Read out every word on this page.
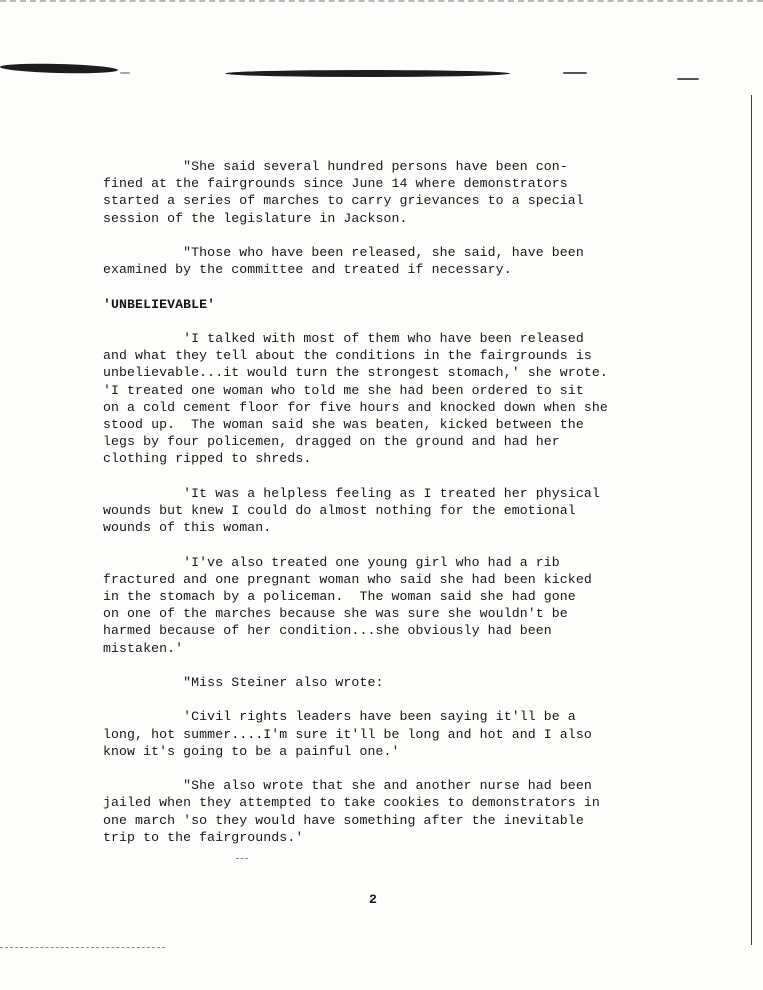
"She said several hundred persons have been con-
fined at the fairgrounds since June 14 where demonstrators
started a series of marches to carry grievances to a special
session of the legislature in Jackson.

"Those who have been released, she said, have been
examined by the committee and treated if necessary.

'UNBELIEVABLE'

'I talked with most of them who have been released
and what they tell about the conditions in the fairgrounds is
unbelievable...it would turn the strongest stomach,' she wrote.
'I treated one woman who told me she had been ordered to sit
on a cold cement floor for five hours and knocked down when she
stood up.  The woman said she was beaten, kicked between the
legs by four policemen, dragged on the ground and had her
clothing ripped to shreds.

'It was a helpless feeling as I treated her physical
wounds but knew I could do almost nothing for the emotional
wounds of this woman.

'I've also treated one young girl who had a rib
fractured and one pregnant woman who said she had been kicked
in the stomach by a policeman.  The woman said she had gone
on one of the marches because she was sure she wouldn't be
harmed because of her condition...she obviously had been
mistaken.'

"Miss Steiner also wrote:

'Civil rights leaders have been saying it'll be a
long, hot summer....I'm sure it'll be long and hot and I also
know it's going to be a painful one.'

"She also wrote that she and another nurse had been
jailed when they attempted to take cookies to demonstrators in
one march 'so they would have something after the inevitable
trip to the fairgrounds.'

2
